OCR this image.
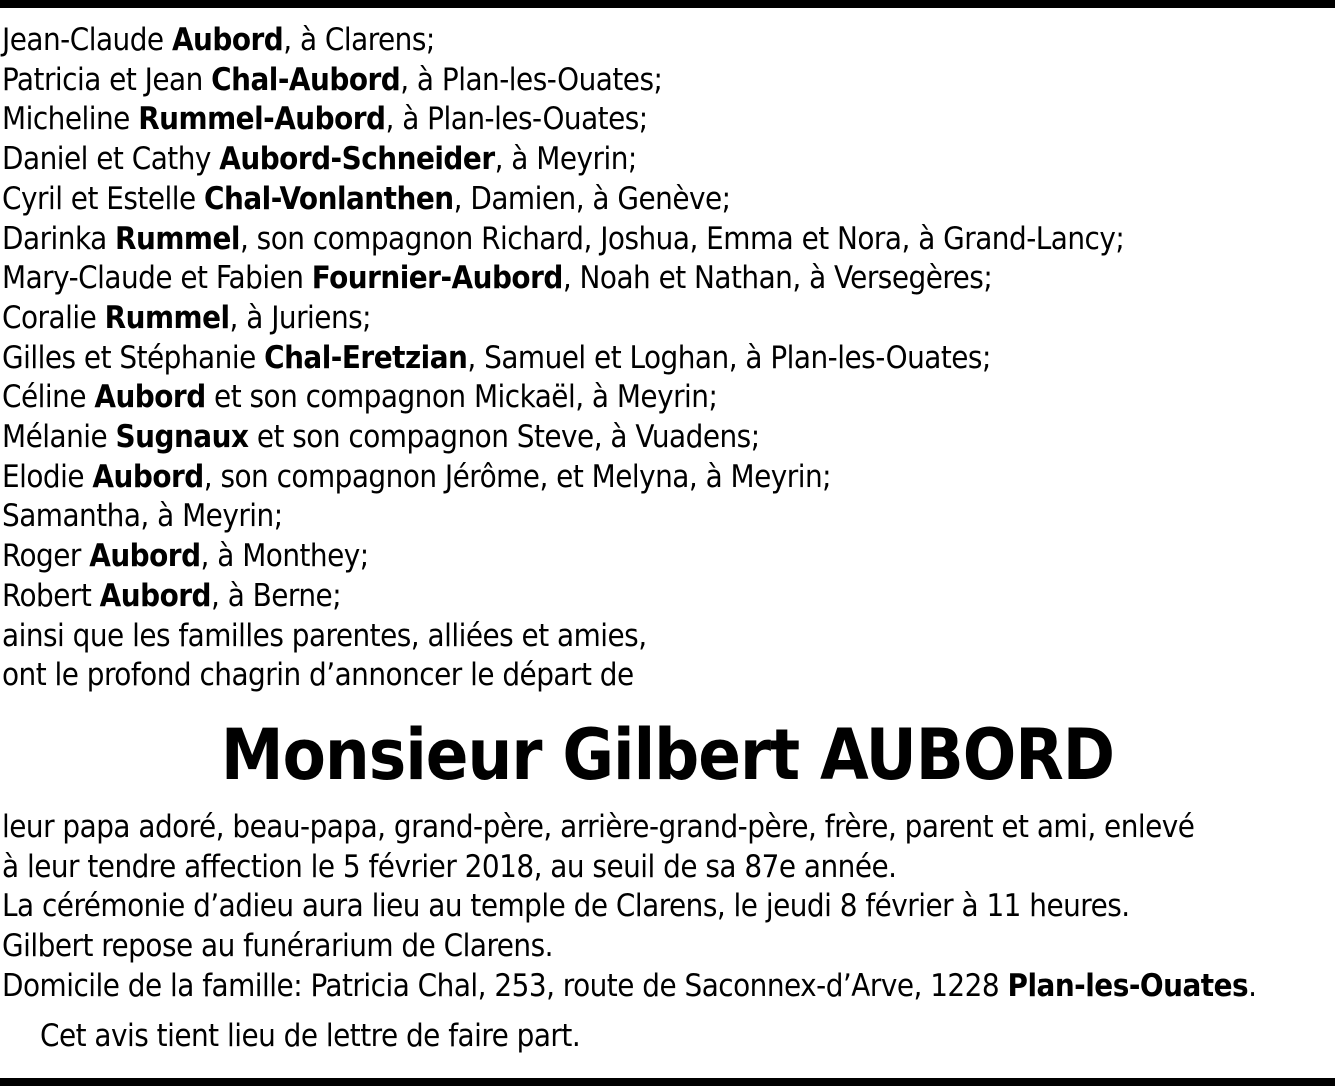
Jean-Claude Aubord, à Clarens;
Patricia et Jean Chal-Aubord, à Plan-les-Ouates;
Micheline Rummel-Aubord, à Plan-les-Ouates;
Daniel et Cathy Aubord-Schneider, à Meyrin;
Cyril et Estelle Chal-Vonlanthen, Damien, à Genève;
Darinka Rummel, son compagnon Richard, Joshua, Emma et Nora, à Grand-Lancy;
Mary-Claude et Fabien Fournier-Aubord, Noah et Nathan, à Versegères;
Coralie Rummel, à Juriens;
Gilles et Stéphanie Chal-Eretzian, Samuel et Loghan, à Plan-les-Ouates;
Céline Aubord et son compagnon Mickaël, à Meyrin;
Mélanie Sugnaux et son compagnon Steve, à Vuadens;
Elodie Aubord, son compagnon Jérôme, et Melyna, à Meyrin;
Samantha, à Meyrin;
Roger Aubord, à Monthey;
Robert Aubord, à Berne;
ainsi que les familles parentes, alliées et amies,
ont le profond chagrin d’annoncer le départ de
Monsieur Gilbert AUBORD
leur papa adoré, beau-papa, grand-père, arrière-grand-père, frère, parent et ami, enlevé
à leur tendre affection le 5 février 2018, au seuil de sa 87e année.
La cérémonie d’adieu aura lieu au temple de Clarens, le jeudi 8 février à 11 heures.
Gilbert repose au funérarium de Clarens.
Domicile de la famille: Patricia Chal, 253, route de Saconnex-d’Arve, 1228 Plan-les-Ouates.
Cet avis tient lieu de lettre de faire part.
